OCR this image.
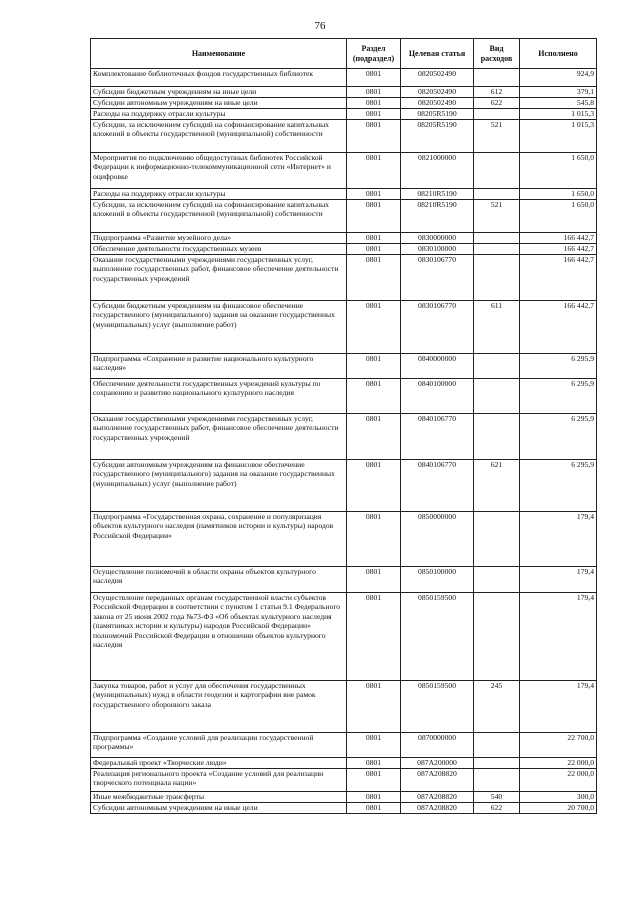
76
Наименование	Раздел (подраздел)	Целевая статья	Вид расходов	Исполнено
Комплектование библиотечных фондов государственных библиотек	0801	0820502490		924,9
Субсидии бюджетным учреждениям на иные цели	0801	0820502490	612	379,1
Субсидии автономным учреждениям на иные цели	0801	0820502490	622	545,8
Расходы на поддержку отрасли культуры	0801	08205R5190		1 015,3
Субсидии, за исключением субсидий на софинансирование капитальных вложений в объекты государственной (муниципальной) собственности	0801	08205R5190	521	1 015,3
Мероприятия по подключению общедоступных библиотек Российской Федерации к информационно-телекоммуникационной сети «Интернет» и оцифровке	0801	0821000000		1 650,0
Расходы на поддержку отрасли культуры	0801	08210R5190		1 650,0
Субсидии, за исключением субсидий на софинансирование капитальных вложений в объекты государственной (муниципальной) собственности	0801	08210R5190	521	1 650,0
Подпрограмма «Развитие музейного дела»	0801	0830000000		166 442,7
Обеспечение деятельности государственных музеев	0801	0830100000		166 442,7
Оказание государственными учреждениями государственных услуг, выполнение государственных работ, финансовое обеспечение деятельности государственных учреждений	0801	0830106770		166 442,7
Субсидии бюджетным учреждениям на финансовое обеспечение государственного (муниципального) задания на оказание государственных (муниципальных) услуг (выполнение работ)	0801	0830106770	611	166 442,7
Подпрограмма «Сохранение и развитие национального культурного наследия»	0801	0840000000		6 295,9
Обеспечение деятельности государственных учреждений культуры по сохранению и развитию национального культурного наследия	0801	0840100000		6 295,9
Оказание государственными учреждениями государственных услуг, выполнение государственных работ, финансовое обеспечение деятельности государственных учреждений	0801	0840106770		6 295,9
Субсидии автономным учреждениям на финансовое обеспечение государственного (муниципального) задания на оказание государственных (муниципальных) услуг (выполнение работ)	0801	0840106770	621	6 295,9
Подпрограмма «Государственная охрана, сохранение и популяризация объектов культурного наследия (памятников истории и культуры) народов Российской Федерации»	0801	0850000000		179,4
Осуществление полномочий в области охраны объектов культурного наследия	0801	0850100000		179,4
Осуществление переданных органам государственной власти субъектов Российской Федерации в соответствии с пунктом 1 статьи 9.1 Федерального закона от 25 июня 2002 года №73-ФЗ «Об объектах культурного наследия (памятниках истории и культуры) народов Российской Федерации» полномочий Российской Федерации в отношении объектов культурного наследия	0801	0850159500		179,4
Закупка товаров, работ и услуг для обеспечения государственных (муниципальных) нужд в области геодезии и картографии вне рамок государственного оборонного заказа	0801	0850159500	245	179,4
Подпрограмма «Создание условий для реализации государственной программы»	0801	0870000000		22 700,0
Федеральный проект «Творческие люди»	0801	087A200000		22 000,0
Реализация регионального проекта «Создание условий для реализации творческого потенциала нации»	0801	087A208820		22 000,0
Иные межбюджетные трансферты	0801	087A208820	540	300,0
Субсидии автономным учреждениям на иные цели	0801	087A208820	622	20 700,0
